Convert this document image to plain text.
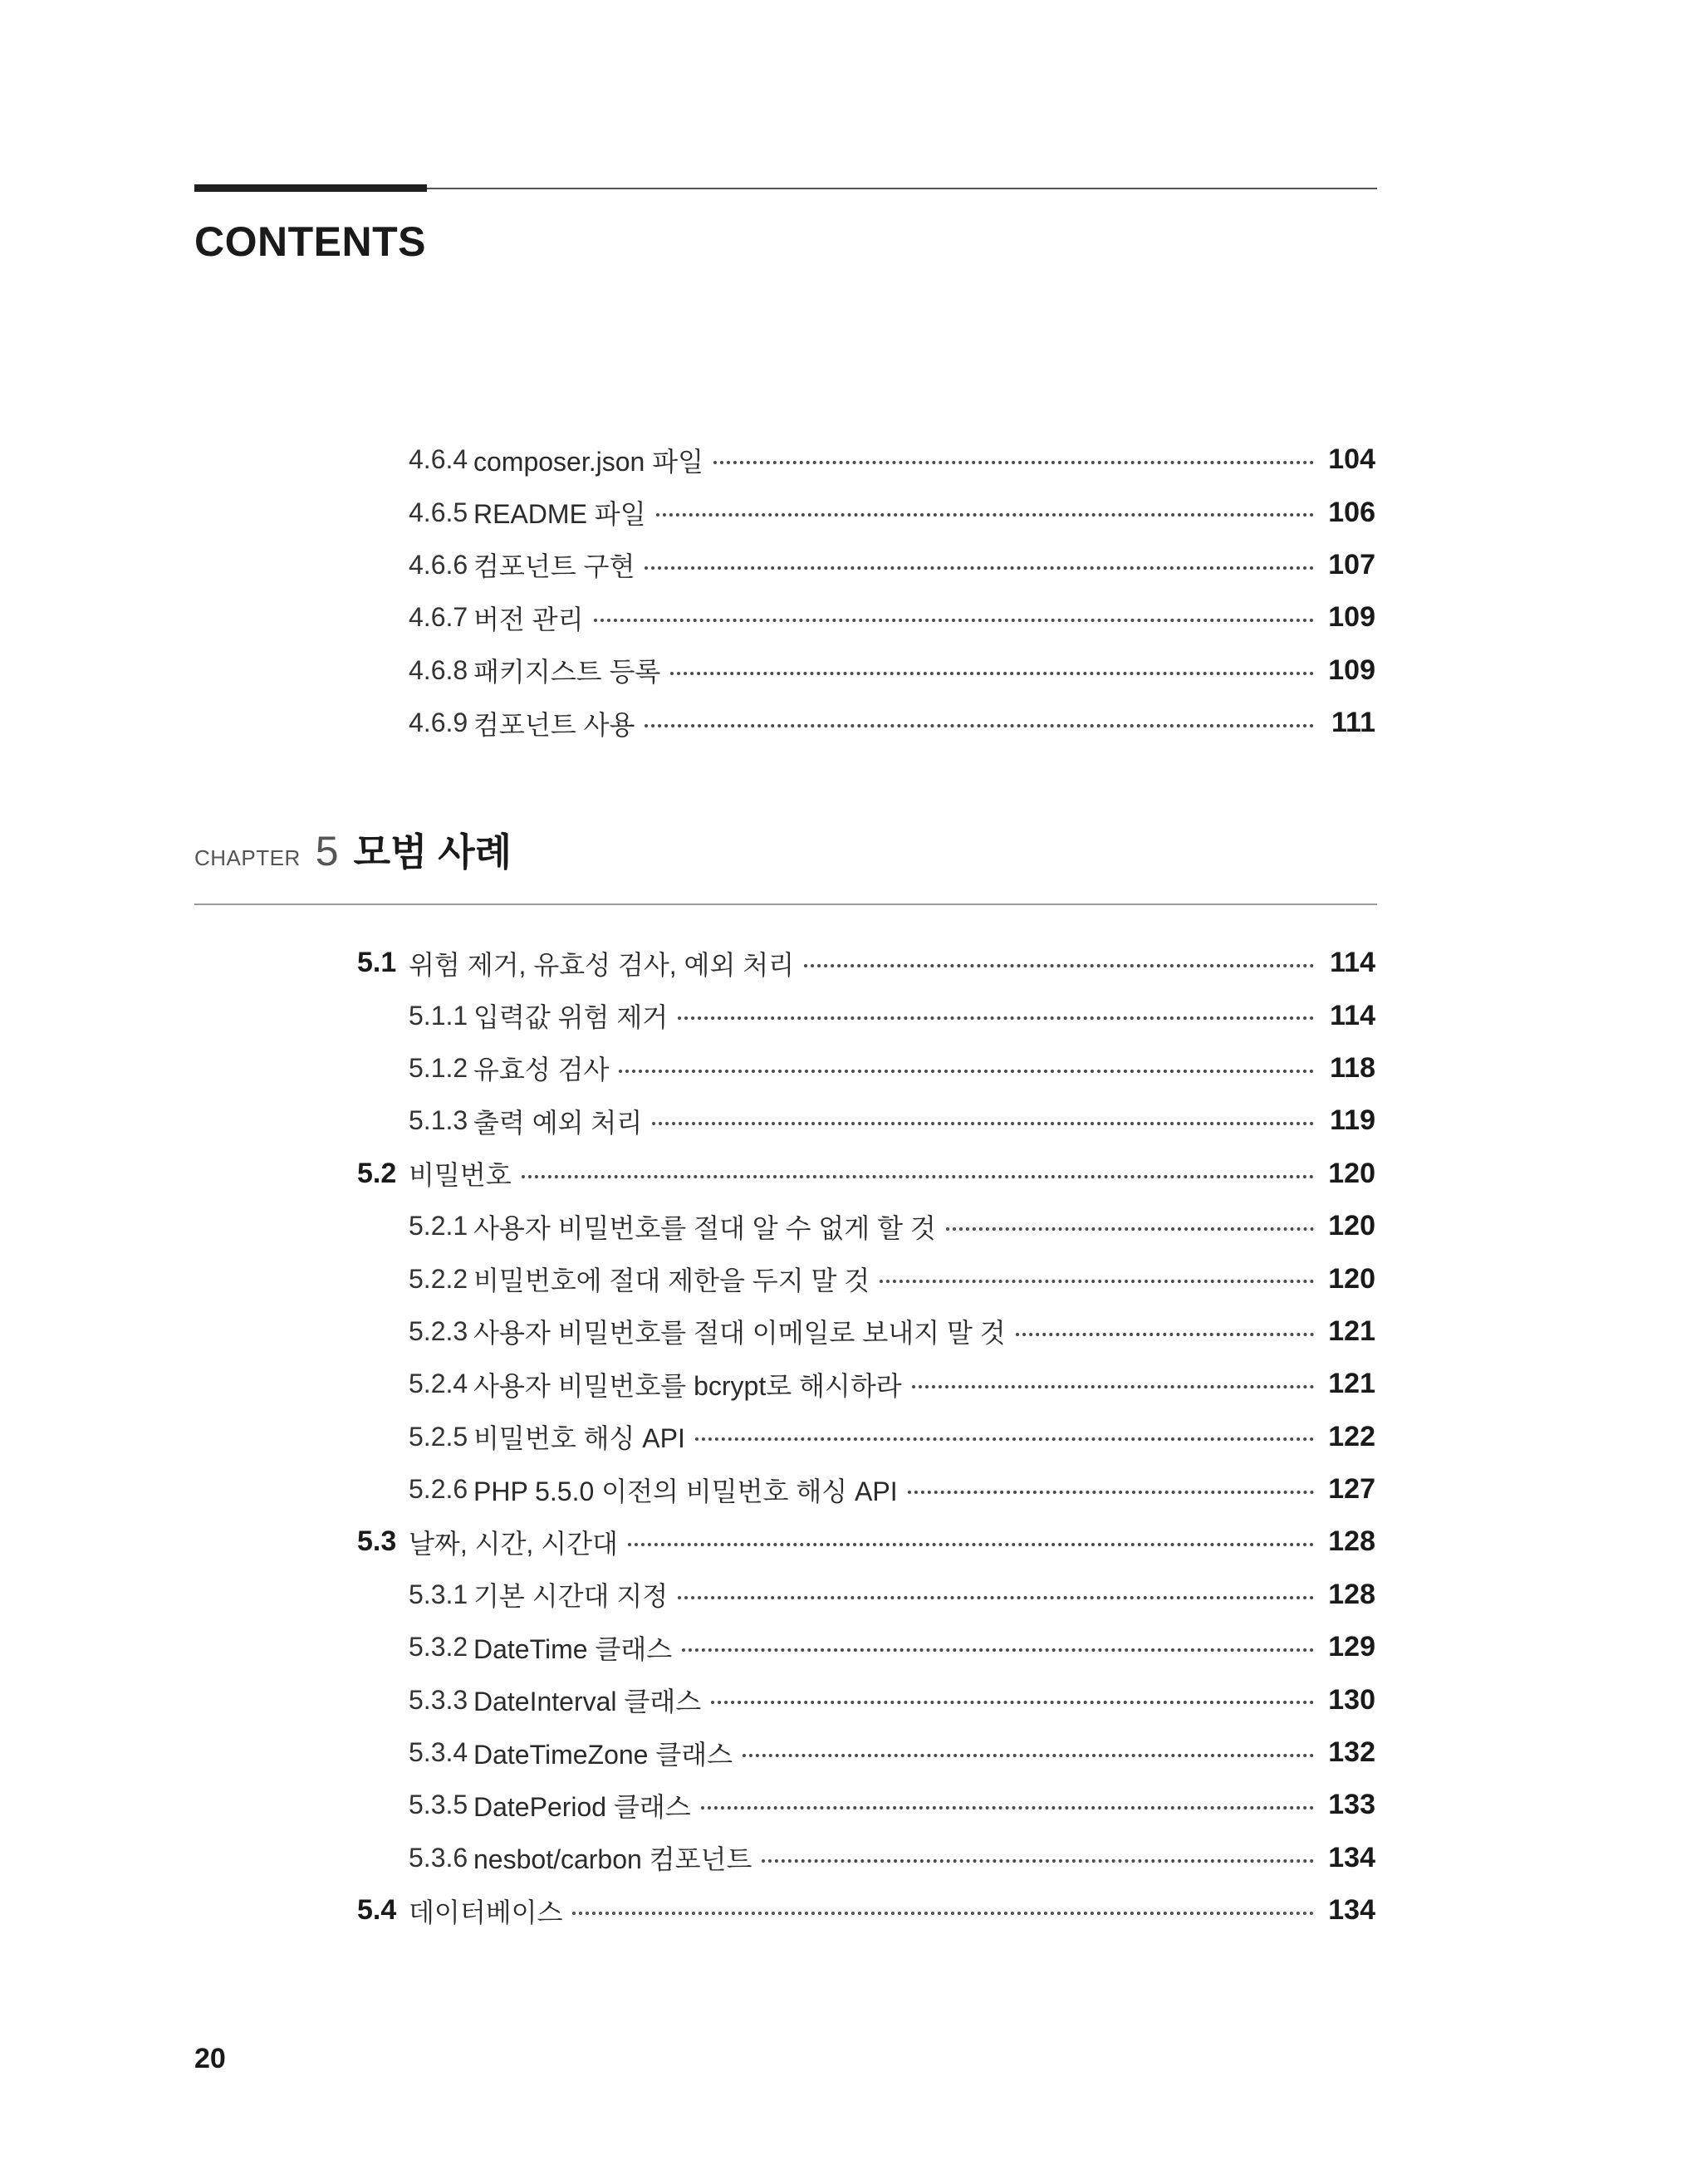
CONTENTS
4.6.4 composer.json 파일	104
4.6.5 README 파일	106
4.6.6 컴포넌트 구현	107
4.6.7 버전 관리	109
4.6.8 패키지스트 등록	109
4.6.9 컴포넌트 사용	111
CHAPTER 5 모범 사례
5.1 위험 제거, 유효성 검사, 예외 처리	114
5.1.1 입력값 위험 제거	114
5.1.2 유효성 검사	118
5.1.3 출력 예외 처리	119
5.2 비밀번호	120
5.2.1 사용자 비밀번호를 절대 알 수 없게 할 것	120
5.2.2 비밀번호에 절대 제한을 두지 말 것	120
5.2.3 사용자 비밀번호를 절대 이메일로 보내지 말 것	121
5.2.4 사용자 비밀번호를 bcrypt로 해시하라	121
5.2.5 비밀번호 해싱 API	122
5.2.6 PHP 5.5.0 이전의 비밀번호 해싱 API	127
5.3 날짜, 시간, 시간대	128
5.3.1 기본 시간대 지정	128
5.3.2 DateTime 클래스	129
5.3.3 DateInterval 클래스	130
5.3.4 DateTimeZone 클래스	132
5.3.5 DatePeriod 클래스	133
5.3.6 nesbot/carbon 컴포넌트	134
5.4 데이터베이스	134
20
